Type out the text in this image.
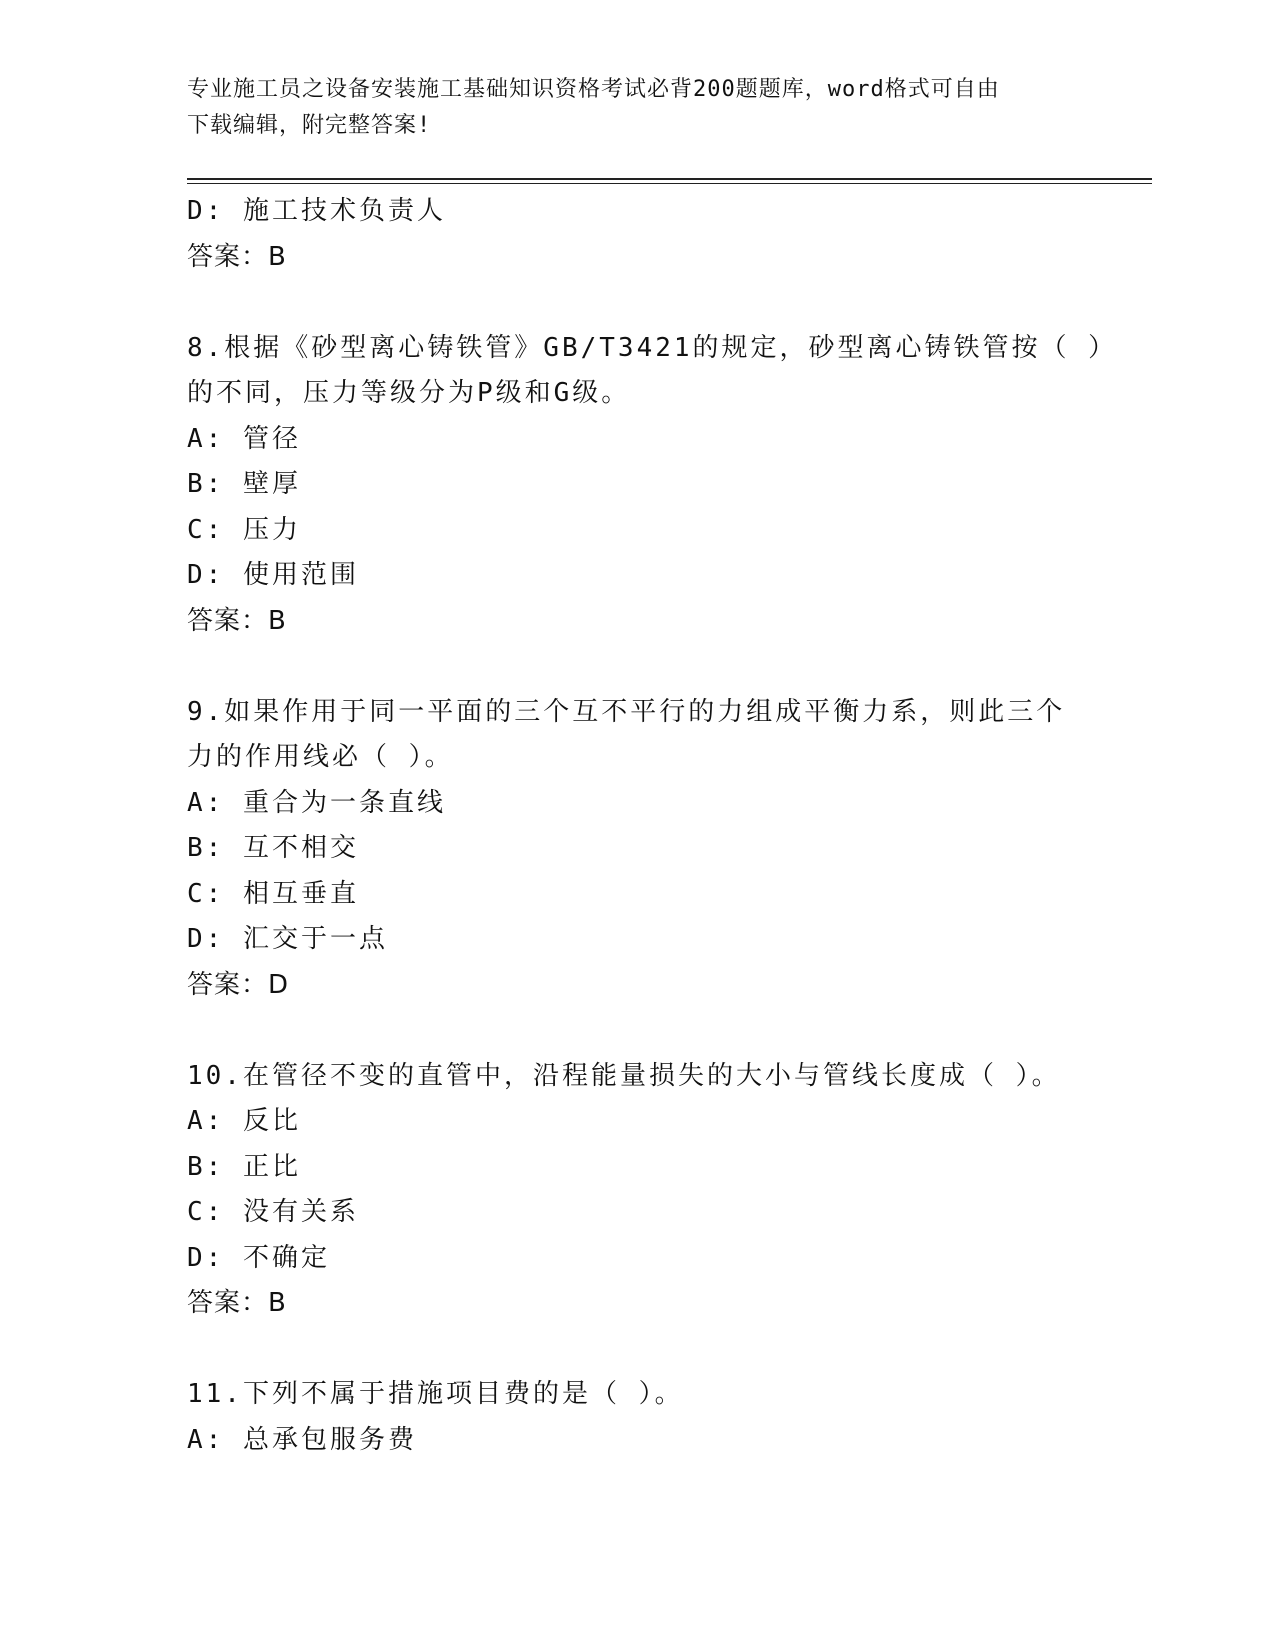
专业施工员之设备安装施工基础知识资格考试必背200题题库，word格式可自由
下载编辑，附完整答案!
D: 施工技术负责人
答案：B
8.根据《砂型离心铸铁管》GB/T3421的规定，砂型离心铸铁管按（ ）
的不同，压力等级分为P级和G级。
A: 管径
B: 壁厚
C: 压力
D: 使用范围
答案：B
9.如果作用于同一平面的三个互不平行的力组成平衡力系，则此三个
力的作用线必（ ）。
A: 重合为一条直线
B: 互不相交
C: 相互垂直
D: 汇交于一点
答案：D
10.在管径不变的直管中，沿程能量损失的大小与管线长度成（ ）。
A: 反比
B: 正比
C: 没有关系
D: 不确定
答案：B
11.下列不属于措施项目费的是（ ）。
A: 总承包服务费
